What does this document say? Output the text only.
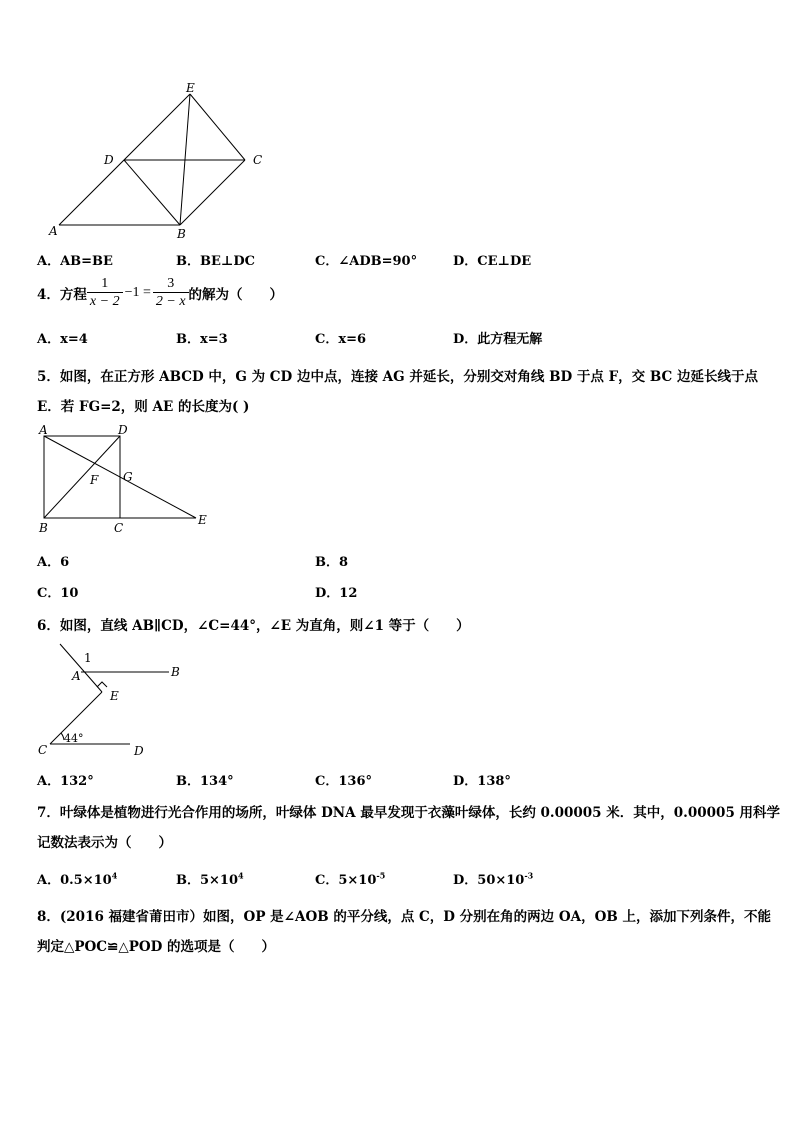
E
D	C
A	B
A．AB=BE	B．BE⊥DC	C．∠ADB=90°	D．CE⊥DE
4．方程 $\frac{1}{x - 2} -1 = \frac{3}{2 - x}$ 的解为（　　）
A．x=4	B．x=3	C．x=6	D．此方程无解
5．如图，在正方形 ABCD 中，G 为 CD 边中点，连接 AG 并延长，分别交对角线 BD 于点 F，交 BC 边延长线于点
E．若 FG=2，则 AE 的长度为( )
A	D
G
F
B	C
E
A．6	B．8
C．10	D．12
6．如图，直线 AB∥CD，∠C=44°，∠E 为直角，则∠1 等于（　　）
1
A	B
E
C	D
44°
A．132°	B．134°	C．136°	D．138°
7．叶绿体是植物进行光合作用的场所，叶绿体 DNA 最早发现于衣藻叶绿体，长约 0.00005 米．其中，0.00005 用科学
记数法表示为（　　）
A．$0.5\times 10^4$	B．$5\times 10^4$	C．$5\times 10^{-5}$	D．$50\times 10^{-3}$
8．(2016 福建省莆田市）如图，OP 是∠AOB 的平分线，点 C，D 分别在角的两边 OA，OB 上，添加下列条件，不能
判定△POC≌△POD 的选项是（　　）
